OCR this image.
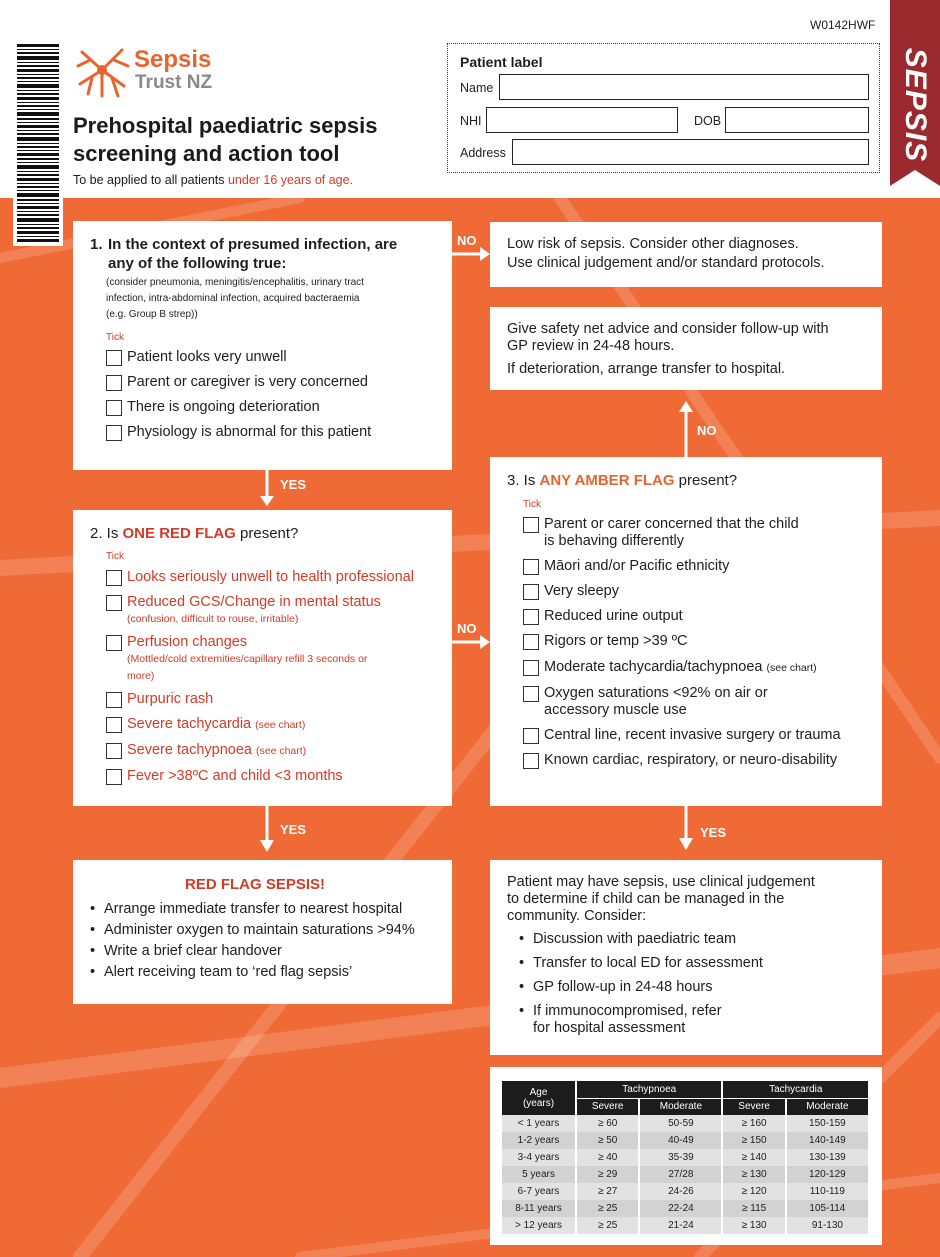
W0142HWF
Sepsis
Trust NZ
Prehospital paediatric sepsis
screening and action tool
To be applied to all patients under 16 years of age.
Patient label
Name
NHI	DOB
Address	SEPSIS
1. In the context of presumed infection, are
any of the following true:
(consider pneumonia, meningitis/encephalitis, urinary tract
infection, intra-abdominal infection, acquired bacteraemia
(e.g. Group B strep))
Tick
Patient looks very unwell
Parent or caregiver is very concerned
There is ongoing deterioration
Physiology is abnormal for this patient
Low risk of sepsis. Consider other diagnoses.
Use clinical judgement and/or standard protocols.
Give safety net advice and consider follow-up with
GP review in 24-48 hours.
If deterioration, arrange transfer to hospital.
2. Is ONE RED FLAG present?
Tick
Looks seriously unwell to health professional
Reduced GCS/Change in mental status
(confusion, difficult to rouse, irritable)
Perfusion changes
(Mottled/cold extremities/capillary refill 3 seconds or
more)
Purpuric rash
Severe tachycardia (see chart)
Severe tachypnoea (see chart)
Fever >38ºC and child <3 months
3. Is ANY AMBER FLAG present?
Tick
Parent or carer concerned that the child
is behaving differently
Māori and/or Pacific ethnicity
Very sleepy
Reduced urine output
Rigors or temp >39 ºC
Moderate tachycardia/tachypnoea (see chart)
Oxygen saturations <92% on air or
accessory muscle use
Central line, recent invasive surgery or trauma
Known cardiac, respiratory, or neuro-disability
RED FLAG SEPSIS!
• Arrange immediate transfer to nearest hospital
• Administer oxygen to maintain saturations >94%
• Write a brief clear handover
• Alert receiving team to ‘red flag sepsis’
Patient may have sepsis, use clinical judgement
to determine if child can be managed in the
community. Consider:
• Discussion with paediatric team
• Transfer to local ED for assessment
• GP follow-up in 24-48 hours
• If immunocompromised, refer
for hospital assessment
Age
(years)	Tachypnoea		Tachycardia	
	Severe	Moderate	Severe	Moderate
< 1 years	≥ 60	50-59	≥ 160	150-159
1-2 years	≥ 50	40-49	≥ 150	140-149
3-4 years	≥ 40	35-39	≥ 140	130-139
5 years	≥ 29	27/28	≥ 130	120-129
6-7 years	≥ 27	24-26	≥ 120	110-119
8-11 years	≥ 25	22-24	≥ 115	105-114
> 12 years	≥ 25	21-24	≥ 130	91-130
NO
YES
NO
NO
YES	YES
